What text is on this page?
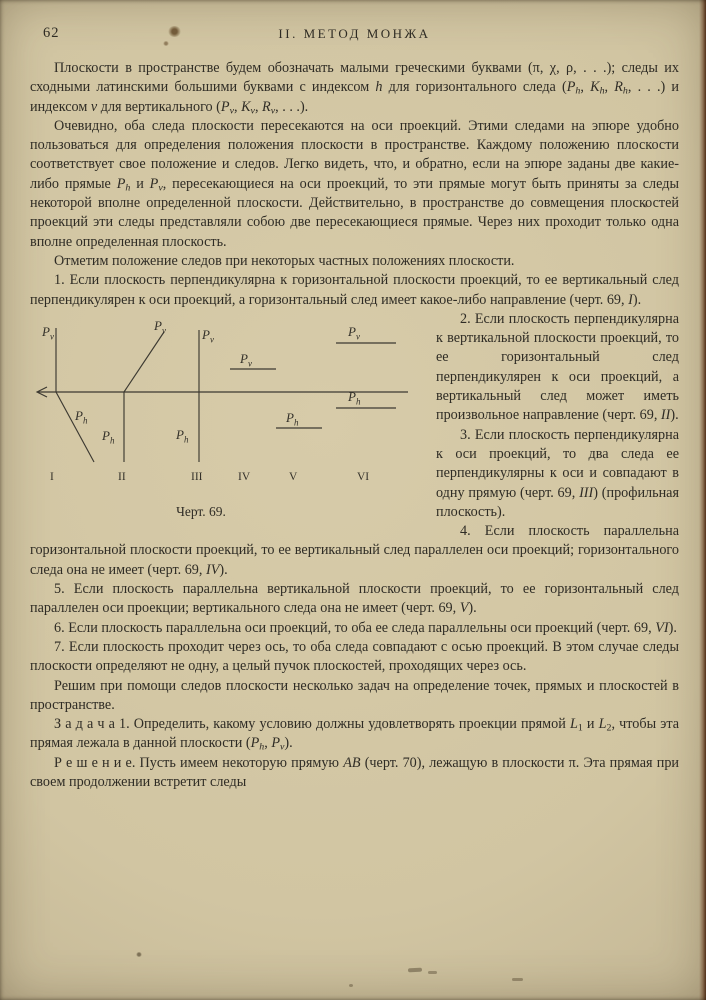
62	II. МЕТОД МОНЖА

Плоскости в пространстве будем обозначать малыми греческими буквами (π, χ, ρ, . . .); следы их сходными латинскими большими буквами с индексом h для горизонтального следа ($P_h$, $K_h$, $R_h$, . . .) и индексом v для вертикального ($P_v$, $K_v$, $R_v$, . . .).

Очевидно, оба следа плоскости пересекаются на оси проекций. Этими следами на эпюре удобно пользоваться для определения положения плоскости в пространстве. Каждому положению плоскости соответствует свое положение и следов. Легко видеть, что, и обратно, если на эпюре заданы две какие-либо прямые $P_h$ и $P_v$, пересекающиеся на оси проекций, то эти прямые могут быть приняты за следы некоторой вполне определенной плоскости. Действительно, в пространстве до совмещения плоскостей проекций эти следы представляли собою две пересекающиеся прямые. Через них проходит только одна вполне определенная плоскость.

Отметим положение следов при некоторых частных положениях плоскости.

1. Если плоскость перпендикулярна к горизонтальной плоскости проекций, то ее вертикальный след перпендикулярен к оси проекций, а горизонтальный след имеет какое-либо направление (черт. 69, I).

$P_v$
$P_h$
$P_v$
$P_h$
$P_v$
$P_h$
$P_v$
$P_h$
$P_v$
$P_h$
I	II	III	IV	V	VI
Черт. 69.

2. Если плоскость перпендикулярна к вертикальной плоскости проекций, то ее горизонтальный след перпендикулярен к оси проекций, а вертикальный след может иметь произвольное направление (черт. 69, II).

3. Если плоскость перпендикулярна к оси проекций, то два следа ее перпендикулярны к оси и совпадают в одну прямую (черт. 69, III) (профильная плоскость).

4. Если плоскость параллельна горизонтальной плоскости проекций, то ее вертикальный след параллелен оси проекций; горизонтального следа она не имеет (черт. 69, IV).

5. Если плоскость параллельна вертикальной плоскости проекций, то ее горизонтальный след параллелен оси проекции; вертикального следа она не имеет (черт. 69, V).

6. Если плоскость параллельна оси проекций, то оба ее следа параллельны оси проекций (черт. 69, VI).

7. Если плоскость проходит через ось, то оба следа совпадают с осью проекций. В этом случае следы плоскости определяют не одну, а целый пучок плоскостей, проходящих через ось.

Решим при помощи следов плоскости несколько задач на определение точек, прямых и плоскостей в пространстве.

З а д а ч а 1. Определить, какому условию должны удовлетворять проекции прямой $L_1$ и $L_2$, чтобы эта прямая лежала в данной плоскости ($P_h$, $P_v$).

Р е ш е н и е. Пусть имеем некоторую прямую AB (черт. 70), лежащую в плоскости π. Эта прямая при своем продолжении встретит следы
